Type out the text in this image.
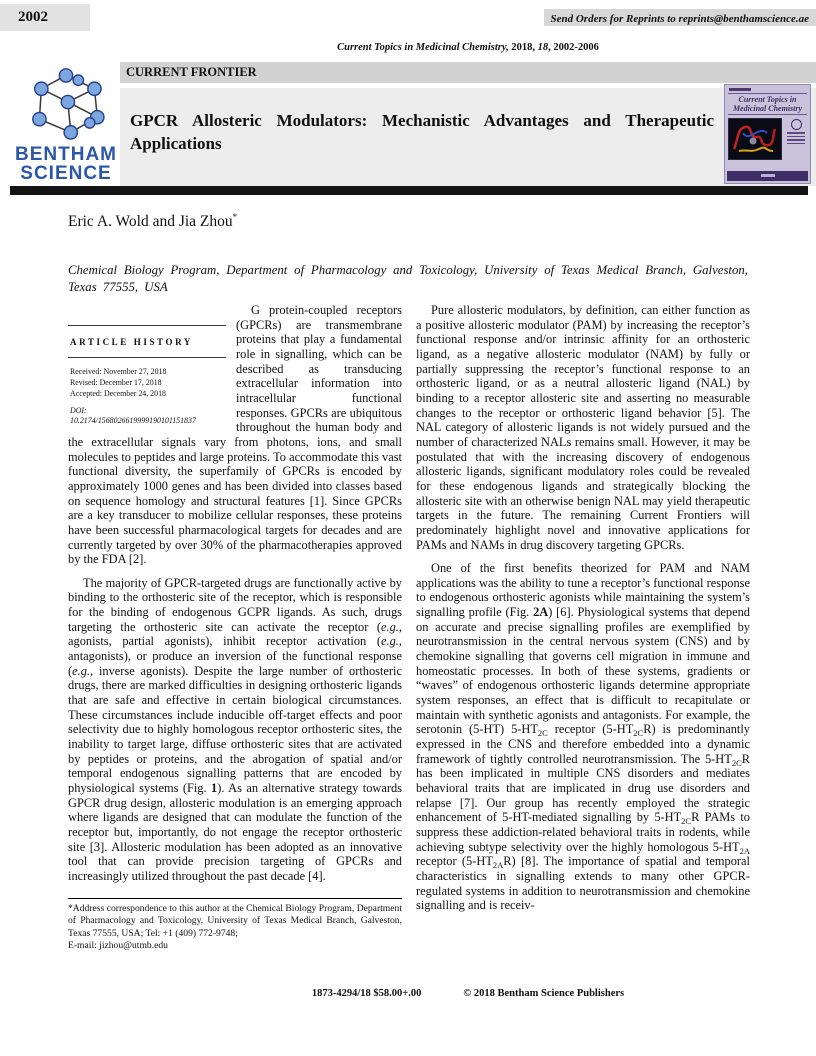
2002	Send Orders for Reprints to reprints@benthamscience.ae
Current Topics in Medicinal Chemistry, 2018, 18, 2002-2006
BENTHAM
SCIENCE
CURRENT FRONTIER
GPCR Allosteric Modulators: Mechanistic Advantages and Therapeutic Applications
Current Topics in
Medicinal Chemistry
Eric A. Wold and Jia Zhou*
Chemical Biology Program, Department of Pharmacology and Toxicology, University of Texas Medical Branch, Galveston, Texas 77555, USA

ARTICLE HISTORY
Received: November 27, 2018
Revised: December 17, 2018
Accepted: December 24, 2018
DOI:
10.2174/1568026619999190101151837
G protein-coupled receptors (GPCRs) are transmembrane proteins that play a fundamental role in signalling, which can be described as transducing extracellular information into intracellular functional responses. GPCRs are ubiquitous throughout the human body and the extracellular signals vary from photons, ions, and small molecules to peptides and large proteins. To accommodate this vast functional diversity, the superfamily of GPCRs is encoded by approximately 1000 genes and has been divided into classes based on sequence homology and structural features [1]. Since GPCRs are a key transducer to mobilize cellular responses, these proteins have been successful pharmacological targets for decades and are currently targeted by over 30% of the pharmacotherapies approved by the FDA [2].

The majority of GPCR-targeted drugs are functionally active by binding to the orthosteric site of the receptor, which is responsible for the binding of endogenous GCPR ligands. As such, drugs targeting the orthosteric site can activate the receptor (e.g., agonists, partial agonists), inhibit receptor activation (e.g., antagonists), or produce an inversion of the functional response (e.g., inverse agonists). Despite the large number of orthosteric drugs, there are marked difficulties in designing orthosteric ligands that are safe and effective in certain biological circumstances. These circumstances include inducible off-target effects and poor selectivity due to highly homologous receptor orthosteric sites, the inability to target large, diffuse orthosteric sites that are activated by peptides or proteins, and the abrogation of spatial and/or temporal endogenous signalling patterns that are encoded by physiological systems (Fig. 1). As an alternative strategy towards GPCR drug design, allosteric modulation is an emerging approach where ligands are designed that can modulate the function of the receptor but, importantly, do not engage the receptor orthosteric site [3]. Allosteric modulation has been adopted as an innovative tool that can provide precision targeting of GPCRs and increasingly utilized throughout the past decade [4].

*Address correspondence to this author at the Chemical Biology Program, Department of Pharmacology and Toxicology, University of Texas Medical Branch, Galveston, Texas 77555, USA; Tel: +1 (409) 772-9748;
E-mail: jizhou@utmb.edu

Pure allosteric modulators, by definition, can either function as a positive allosteric modulator (PAM) by increasing the receptor’s functional response and/or intrinsic affinity for an orthosteric ligand, as a negative allosteric modulator (NAM) by fully or partially suppressing the receptor’s functional response to an orthosteric ligand, or as a neutral allosteric ligand (NAL) by binding to a receptor allosteric site and asserting no measurable changes to the receptor or orthosteric ligand behavior [5]. The NAL category of allosteric ligands is not widely pursued and the number of characterized NALs remains small. However, it may be postulated that with the increasing discovery of endogenous allosteric ligands, significant modulatory roles could be revealed for these endogenous ligands and strategically blocking the allosteric site with an otherwise benign NAL may yield therapeutic targets in the future. The remaining Current Frontiers will predominately highlight novel and innovative applications for PAMs and NAMs in drug discovery targeting GPCRs.

One of the first benefits theorized for PAM and NAM applications was the ability to tune a receptor’s functional response to endogenous orthosteric agonists while maintaining the system’s signalling profile (Fig. 2A) [6]. Physiological systems that depend on accurate and precise signalling profiles are exemplified by neurotransmission in the central nervous system (CNS) and by chemokine signalling that governs cell migration in immune and homeostatic processes. In both of these systems, gradients or “waves” of endogenous orthosteric ligands determine appropriate system responses, an effect that is difficult to recapitulate or maintain with synthetic agonists and antagonists. For example, the serotonin (5-HT) $5-HT_{2C}$ receptor $(5-HT_{2C}R)$ is predominantly expressed in the CNS and therefore embedded into a dynamic framework of tightly controlled neurotransmission. The $5-HT_{2C}R$ has been implicated in multiple CNS disorders and mediates behavioral traits that are implicated in drug use disorders and relapse [7]. Our group has recently employed the strategic enhancement of 5-HT-mediated signalling by $5-HT_{2C}R$ PAMs to suppress these addiction-related behavioral traits in rodents, while achieving subtype selectivity over the highly homologous $5-HT_{2A}$ receptor $(5-HT_{2A}R)$ [8]. The importance of spatial and temporal characteristics in signalling extends to many other GPCR-regulated systems in addition to neurotransmission and chemokine signalling and is receiv-

1873-4294/18 $58.00+.00	© 2018 Bentham Science Publishers
